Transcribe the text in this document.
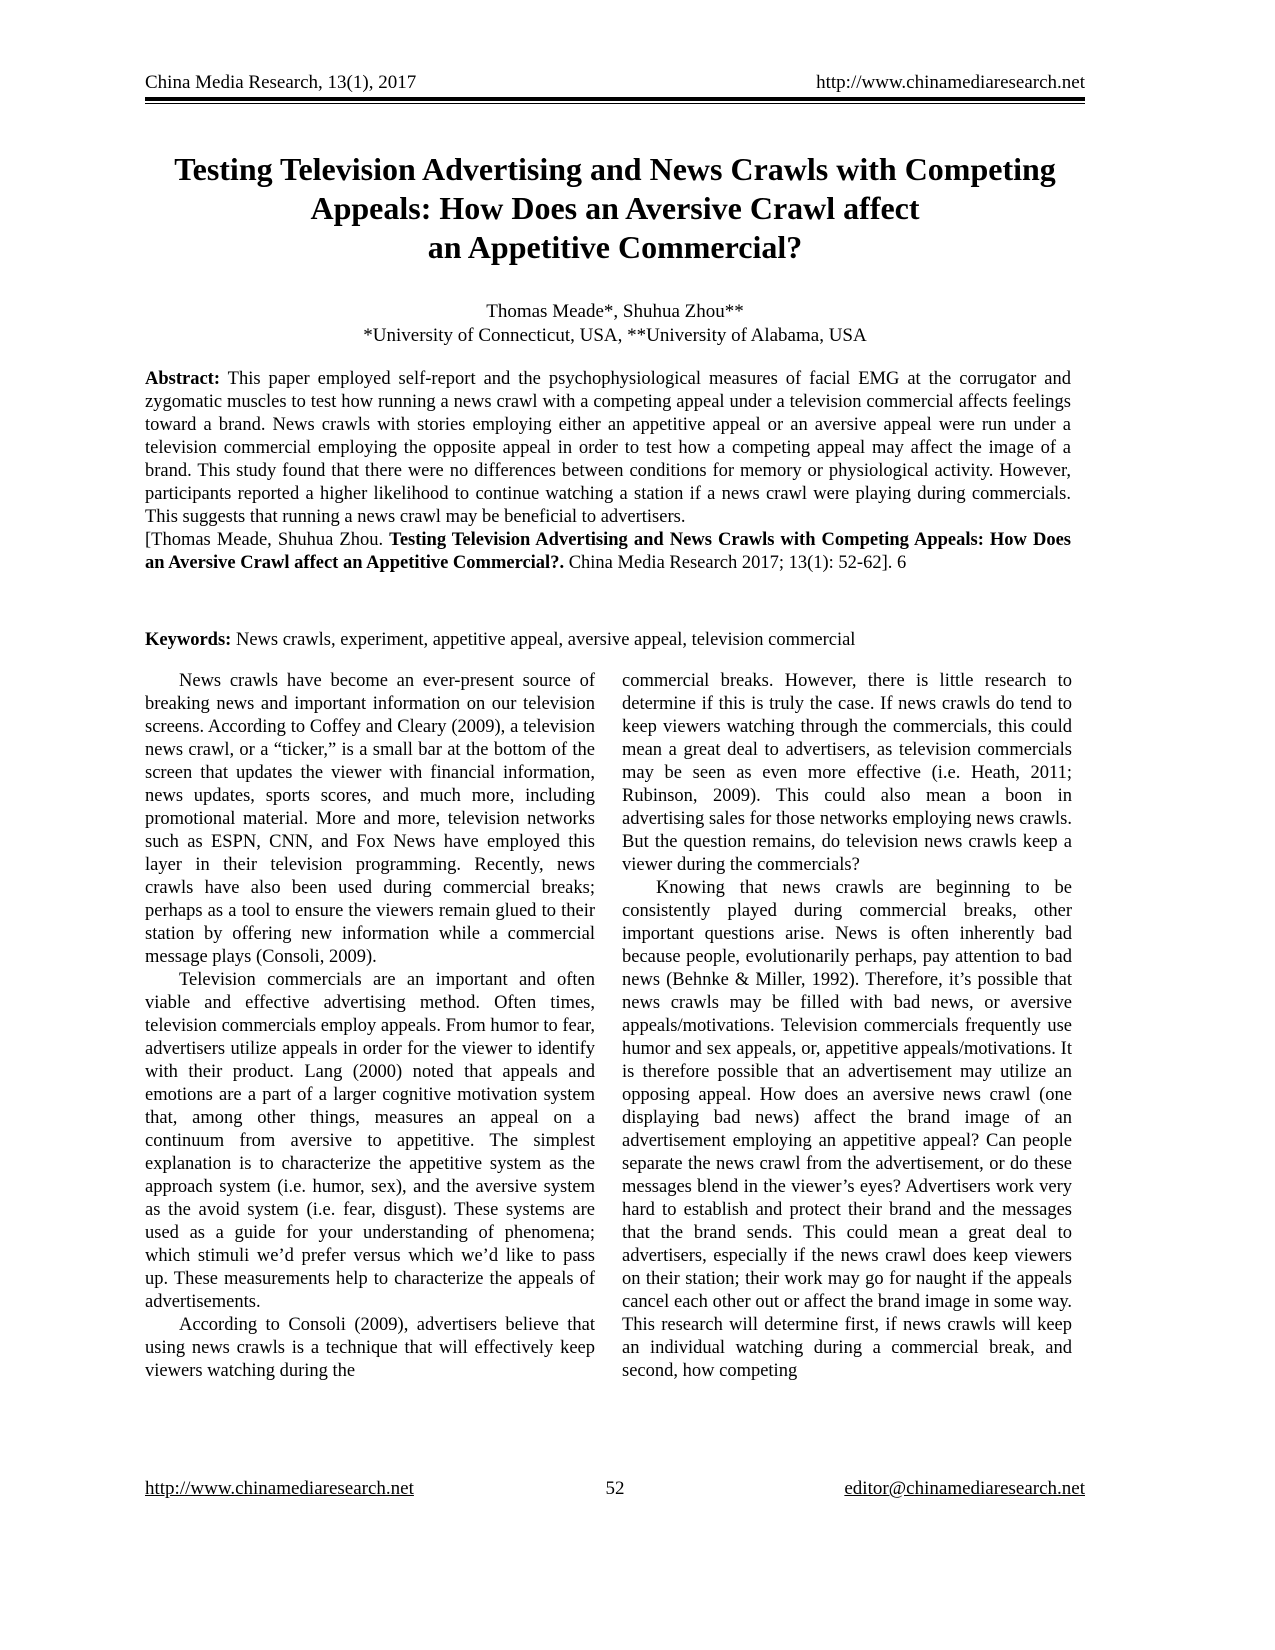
China Media Research, 13(1), 2017	http://www.chinamediaresearch.net
Testing Television Advertising and News Crawls with Competing
Appeals: How Does an Aversive Crawl affect
an Appetitive Commercial?
Thomas Meade*, Shuhua Zhou**
*University of Connecticut, USA, **University of Alabama, USA

Abstract: This paper employed self-report and the psychophysiological measures of facial EMG at the corrugator and zygomatic muscles to test how running a news crawl with a competing appeal under a television commercial affects feelings toward a brand. News crawls with stories employing either an appetitive appeal or an aversive appeal were run under a television commercial employing the opposite appeal in order to test how a competing appeal may affect the image of a brand. This study found that there were no differences between conditions for memory or physiological activity. However, participants reported a higher likelihood to continue watching a station if a news crawl were playing during commercials. This suggests that running a news crawl may be beneficial to advertisers.

[Thomas Meade, Shuhua Zhou. Testing Television Advertising and News Crawls with Competing Appeals: How Does an Aversive Crawl affect an Appetitive Commercial?. China Media Research 2017; 13(1): 52-62]. 6

Keywords: News crawls, experiment, appetitive appeal, aversive appeal, television commercial

News crawls have become an ever-present source of breaking news and important information on our television screens. According to Coffey and Cleary (2009), a television news crawl, or a “ticker,” is a small bar at the bottom of the screen that updates the viewer with financial information, news updates, sports scores, and much more, including promotional material. More and more, television networks such as ESPN, CNN, and Fox News have employed this layer in their television programming. Recently, news crawls have also been used during commercial breaks; perhaps as a tool to ensure the viewers remain glued to their station by offering new information while a commercial message plays (Consoli, 2009).

Television commercials are an important and often viable and effective advertising method. Often times, television commercials employ appeals. From humor to fear, advertisers utilize appeals in order for the viewer to identify with their product. Lang (2000) noted that appeals and emotions are a part of a larger cognitive motivation system that, among other things, measures an appeal on a continuum from aversive to appetitive. The simplest explanation is to characterize the appetitive system as the approach system (i.e. humor, sex), and the aversive system as the avoid system (i.e. fear, disgust). These systems are used as a guide for your understanding of phenomena; which stimuli we’d prefer versus which we’d like to pass up. These measurements help to characterize the appeals of advertisements.

According to Consoli (2009), advertisers believe that using news crawls is a technique that will effectively keep viewers watching during the

commercial breaks. However, there is little research to determine if this is truly the case. If news crawls do tend to keep viewers watching through the commercials, this could mean a great deal to advertisers, as television commercials may be seen as even more effective (i.e. Heath, 2011; Rubinson, 2009). This could also mean a boon in advertising sales for those networks employing news crawls. But the question remains, do television news crawls keep a viewer during the commercials?

Knowing that news crawls are beginning to be consistently played during commercial breaks, other important questions arise. News is often inherently bad because people, evolutionarily perhaps, pay attention to bad news (Behnke & Miller, 1992). Therefore, it’s possible that news crawls may be filled with bad news, or aversive appeals/motivations. Television commercials frequently use humor and sex appeals, or, appetitive appeals/motivations. It is therefore possible that an advertisement may utilize an opposing appeal. How does an aversive news crawl (one displaying bad news) affect the brand image of an advertisement employing an appetitive appeal? Can people separate the news crawl from the advertisement, or do these messages blend in the viewer’s eyes? Advertisers work very hard to establish and protect their brand and the messages that the brand sends. This could mean a great deal to advertisers, especially if the news crawl does keep viewers on their station; their work may go for naught if the appeals cancel each other out or affect the brand image in some way. This research will determine first, if news crawls will keep an individual watching during a commercial break, and second, how competing

52
http://www.chinamediaresearch.net	editor@chinamediaresearch.net
